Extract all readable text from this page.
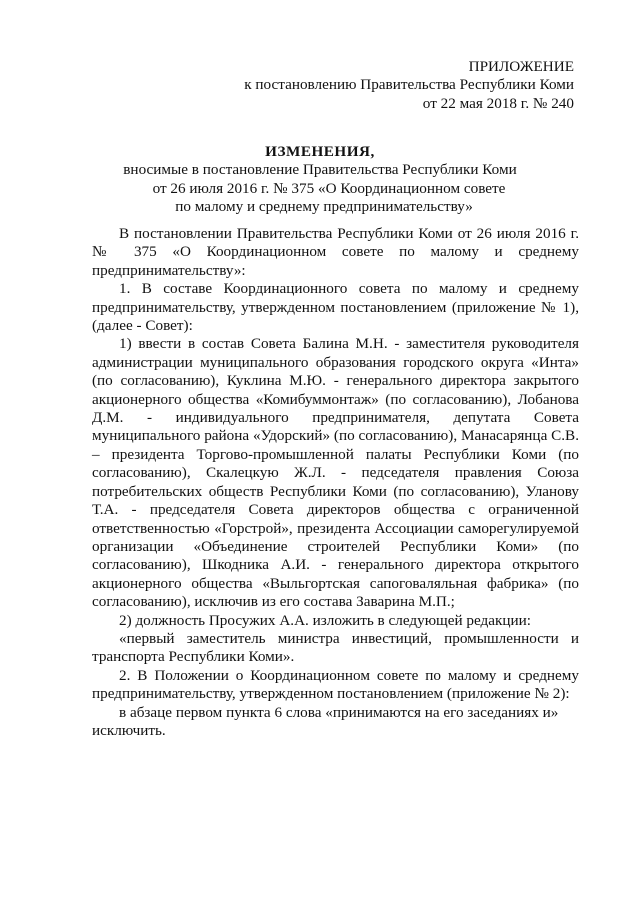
ПРИЛОЖЕНИЕ
к постановлению Правительства Республики Коми
от 22 мая 2018 г. № 240
ИЗМЕНЕНИЯ,
вносимые в постановление Правительства Республики Коми
от 26 июля 2016 г. № 375 «О Координационном совете
по малому и среднему предпринимательству»

В постановлении Правительства Республики Коми от 26 июля 2016 г. № 375 «О Координационном совете по малому и среднему предпринимательству»:

1. В составе Координационного совета по малому и среднему предпринимательству, утвержденном постановлением (приложение № 1), (далее - Совет):

1) ввести в состав Совета Балина М.Н. - заместителя руководителя администрации муниципального образования городского округа «Инта» (по согласованию), Куклина М.Ю. - генерального директора закрытого акционерного общества «Комибуммонтаж» (по согласованию), Лобанова Д.М. - индивидуального предпринимателя, депутата Совета муниципального района «Удорский» (по согласованию), Манасарянца С.В. – президента Торгово-промышленной палаты Республики Коми (по согласованию), Скалецкую Ж.Л. - педседателя правления Союза потребительских обществ Республики Коми (по согласованию), Уланову Т.А. - председателя Совета директоров общества с ограниченной ответственностью «Горстрой», президента Ассоциации саморегулируемой организации «Объединение строителей Республики Коми» (по согласованию), Шкодника А.И. - генерального директора открытого акционерного общества «Выльгортская сапоговаляльная фабрика» (по согласованию), исключив из его состава Заварина М.П.;

2) должность Просужих А.А. изложить в следующей редакции:

«первый заместитель министра инвестиций, промышленности и транспорта Республики Коми».

2. В Положении о Координационном совете по малому и среднему предпринимательству, утвержденном постановлением (приложение № 2):

в абзаце первом пункта 6 слова «принимаются на его заседаниях и»

исключить.
